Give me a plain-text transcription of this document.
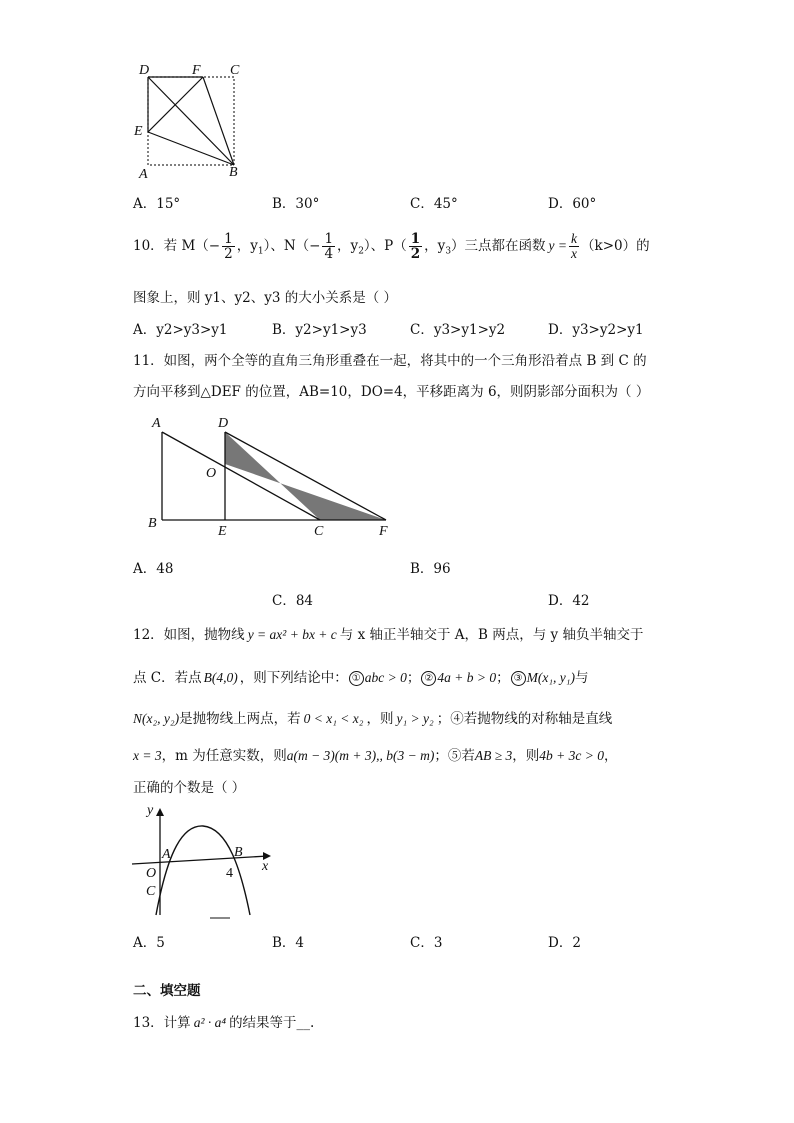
D	F C
E
A	B
A．15°	B．30°	C．45°	D．60°
10．若 $M(- \frac{1}{2}$ ，$y_1$）、$N(- \frac{1}{4}$ ，$y_2$）、$P( \frac{1}{2}$ ，$y_3$）三点都在函数 $y = \frac{k}{x} (k>0)$的
图象上，则 y1、y2、y3 的大小关系是（ ）
A．y2>y3>y1	B．y2>y1>y3	C．y3>y1>y2	D．y3>y2>y1
11．如图，两个全等的直角三角形重叠在一起，将其中的一个三角形沿着点 B 到 C 的
方向平移到△DEF 的位置，AB=10，DO=4，平移距离为 6，则阴影部分面积为（ ）
A	D
O
B
E	C	F
A．48	B．96
C．84	D．42
12．如图，抛物线 y = ax² + bx + c 与 x 轴正半轴交于 A，B 两点，与 y 轴负半轴交于
点 C．若点 B(4,0) ，则下列结论中： ① abc > 0； ② 4a + b > 0； ③ M(x₁, y₁)与
N(x₂, y₂)是抛物线上两点，若 0 < x₁ < x₂ ，则 y₁ > y₂ ；④若抛物线的对称轴是直线
x = 3，m 为任意实数，则a(m − 3)(m + 3),, b(3 − m)；⑤若AB ≥ 3，则4b + 3c > 0，
正确的个数是（ ）
y
A	B
O
C
4 x
A．5	B．4	C．3	D．2
二、填空题
13．计算 a² · a⁴ 的结果等于__.
